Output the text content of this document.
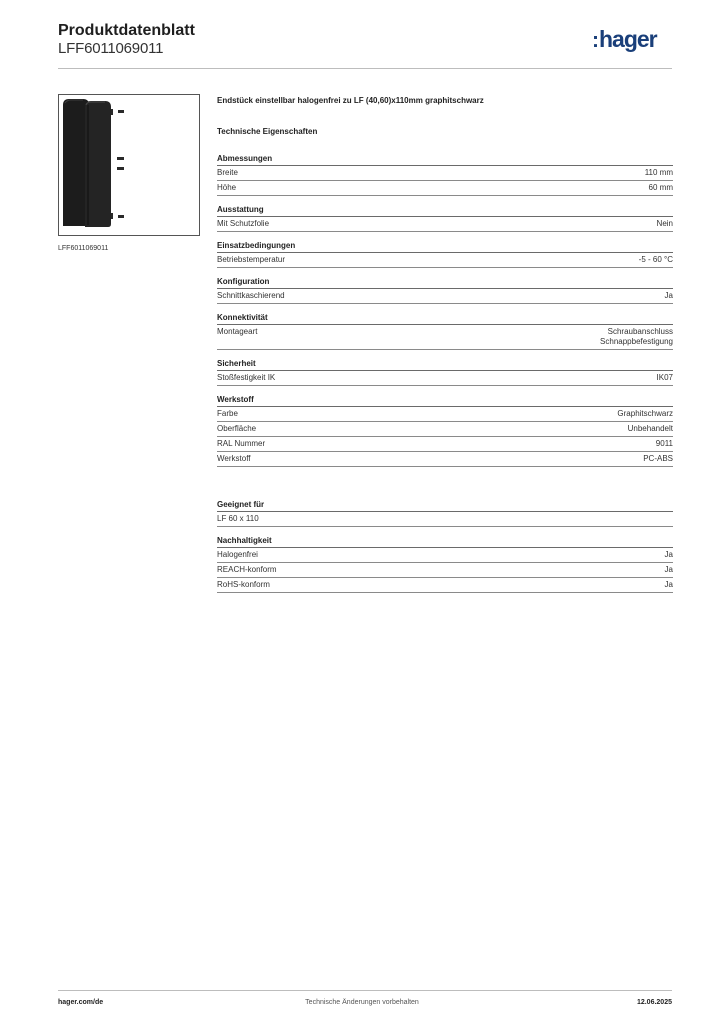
Produktdatenblatt
LFF6011069011	:hager
LFF6011069011
Endstück einstellbar halogenfrei zu LF (40,60)x110mm graphitschwarz
Technische Eigenschaften
Abmessungen
Breite	110 mm
Höhe	60 mm
Ausstattung
Mit Schutzfolie	Nein
Einsatzbedingungen
Betriebstemperatur	-5 - 60 °C
Konfiguration
Schnittkaschierend	Ja
Konnektivität
Montageart	Schraubanschluss
Schnappbefestigung
Sicherheit
Stoßfestigkeit IK	IK07
Werkstoff
Farbe	Graphitschwarz
Oberfläche	Unbehandelt
RAL Nummer	9011
Werkstoff	PC-ABS
Geeignet für
LF 60 x 110
Nachhaltigkeit
Halogenfrei	Ja
REACH-konform	Ja
RoHS-konform	Ja
hager.com/de	Technische Änderungen vorbehalten	12.06.2025
